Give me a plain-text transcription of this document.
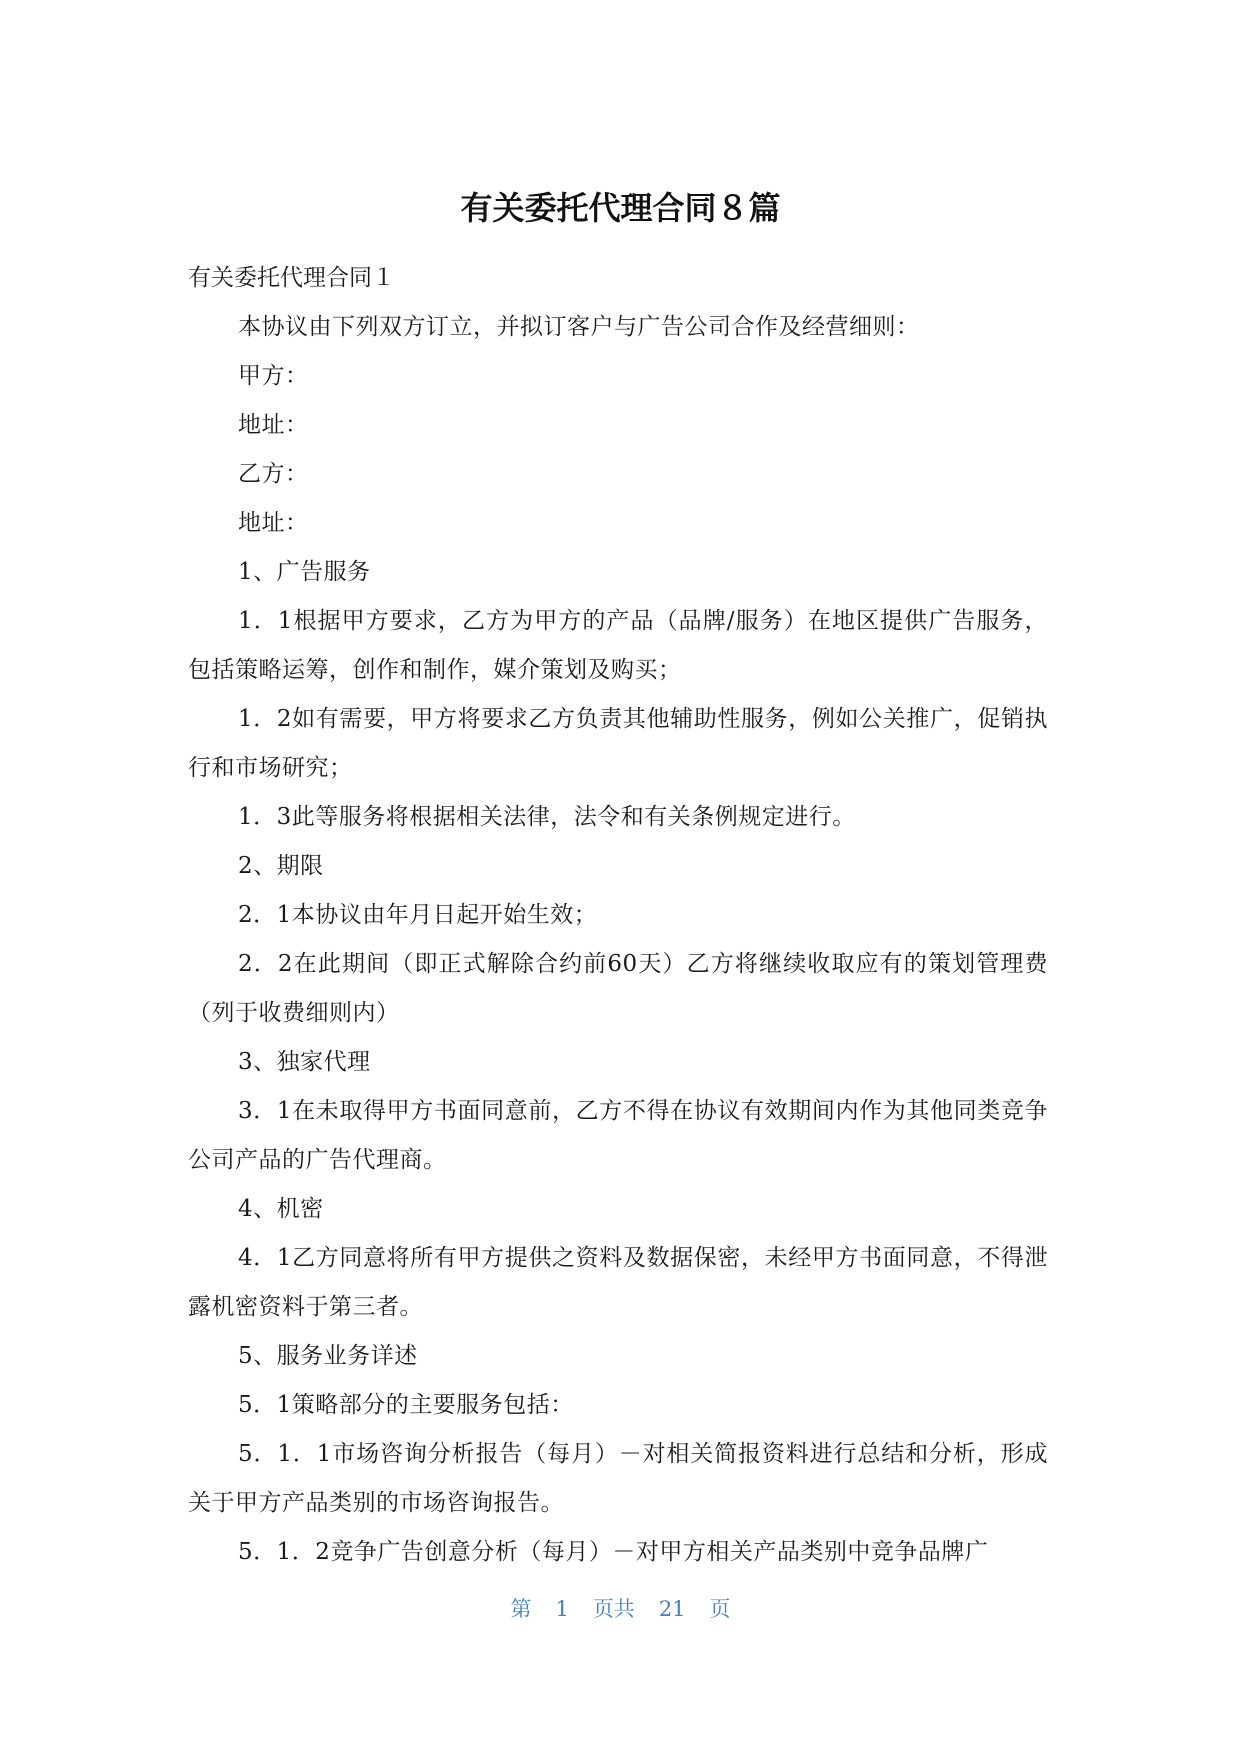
有关委托代理合同８篇

有关委托代理合同１

本协议由下列双方订立，并拟订客户与广告公司合作及经营细则：

甲方：

地址：

乙方：

地址：

1、广告服务

1．1根据甲方要求，乙方为甲方的产品（品牌/服务）在地区提供广告服务，包括策略运筹，创作和制作，媒介策划及购买；

1．2如有需要，甲方将要求乙方负责其他辅助性服务，例如公关推广，促销执行和市场研究；

1．3此等服务将根据相关法律，法令和有关条例规定进行。

2、期限

2．1本协议由年月日起开始生效；

2．2在此期间（即正式解除合约前60天）乙方将继续收取应有的策划管理费（列于收费细则内）

3、独家代理

3．1在未取得甲方书面同意前，乙方不得在协议有效期间内作为其他同类竞争公司产品的广告代理商。

4、机密

4．1乙方同意将所有甲方提供之资料及数据保密，未经甲方书面同意，不得泄露机密资料于第三者。

5、服务业务详述

5．1策略部分的主要服务包括：

5．1．1市场咨询分析报告（每月）－对相关简报资料进行总结和分析，形成关于甲方产品类别的市场咨询报告。

5．1．2竞争广告创意分析（每月）－对甲方相关产品类别中竞争品牌广

第 1 页共 21 页
